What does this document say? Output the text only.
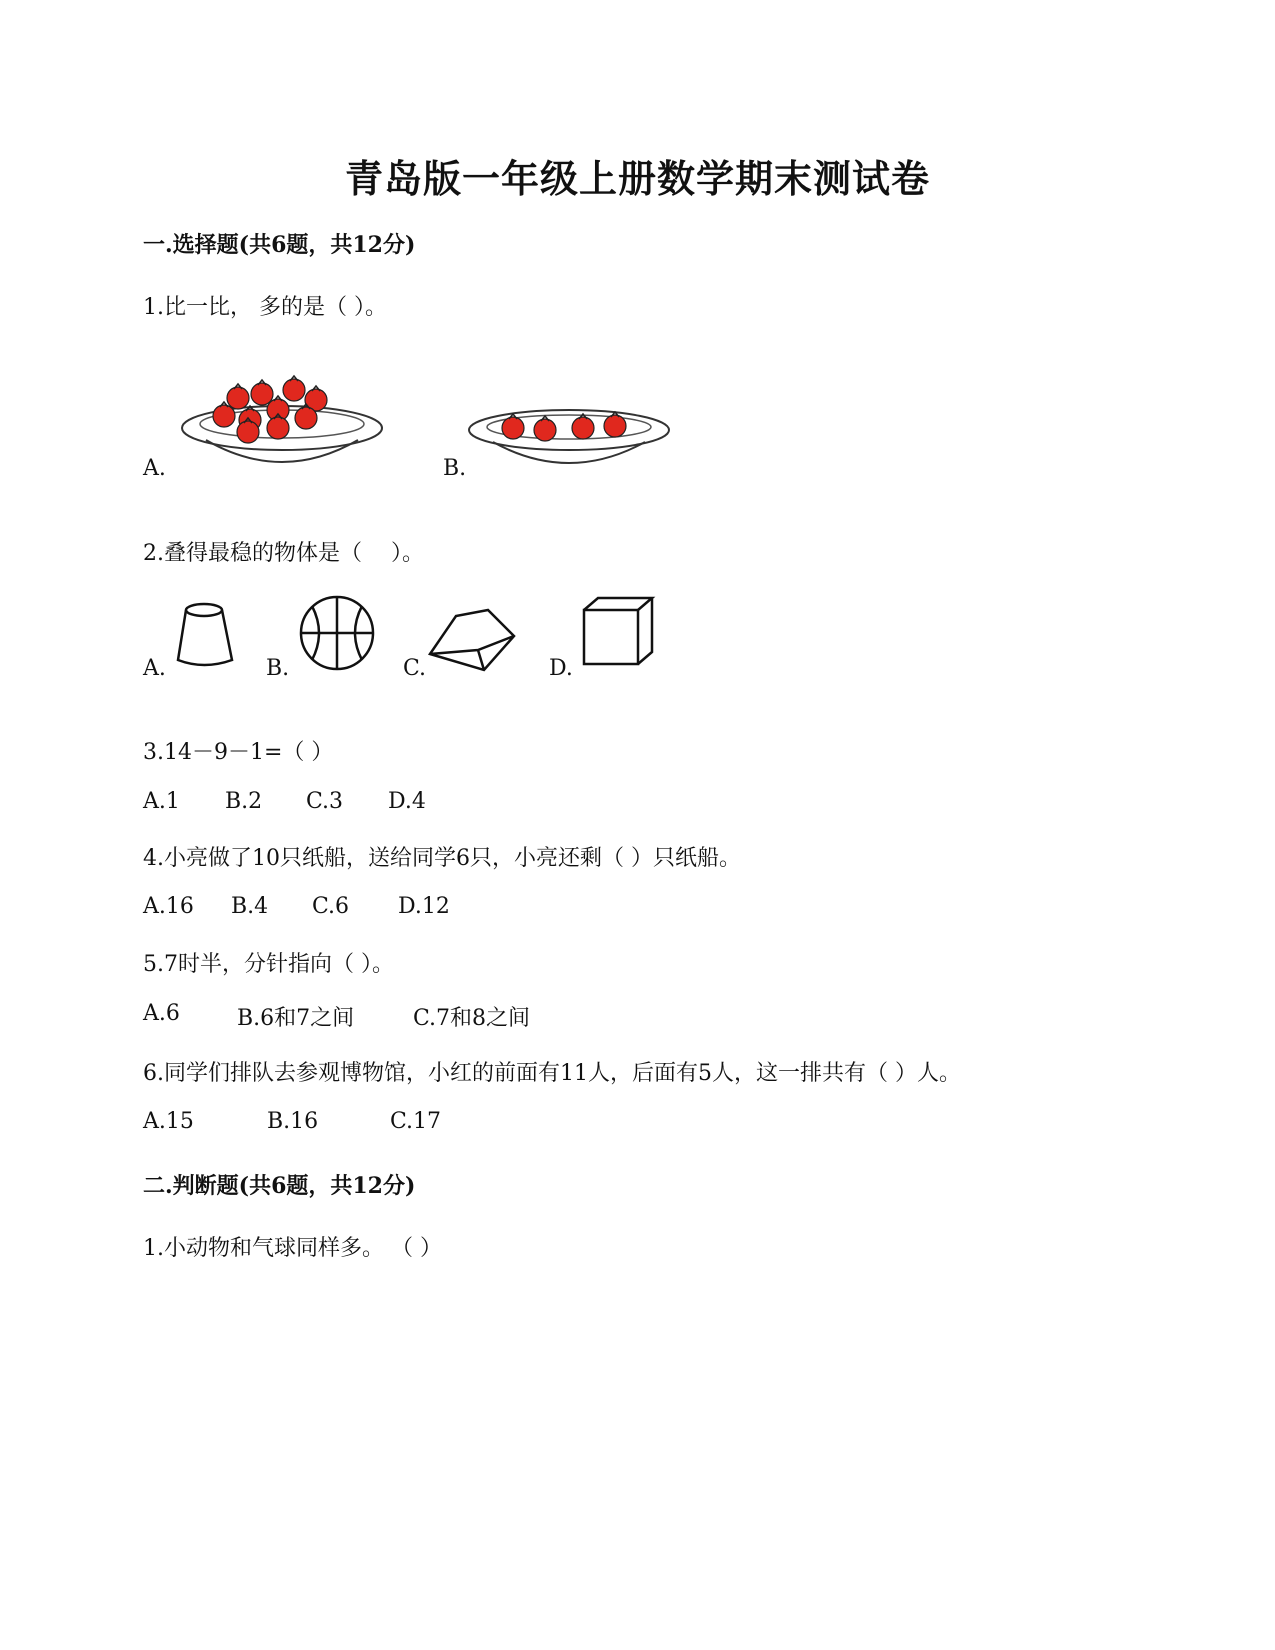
青岛版一年级上册数学期末测试卷
一.选择题(共6题，共12分)
1.比一比， 多的是（ ）。
A.	B.
2.叠得最稳的物体是（　 ）。
A.	B.	C.	D.
3.14－9－1=（ ）
A.1 B.2 C.3 D.4
4.小亮做了10只纸船，送给同学6只，小亮还剩（ ）只纸船。
A.16 B.4 C.6 D.12
5.7时半，分针指向（ ）。
A.6	B.6和7之间	C.7和8之间
6.同学们排队去参观博物馆，小红的前面有11人，后面有5人，这一排共有（ ）人。
A.15	B.16	C.17
二.判断题(共6题，共12分)
1.小动物和气球同样多。 （ ）
